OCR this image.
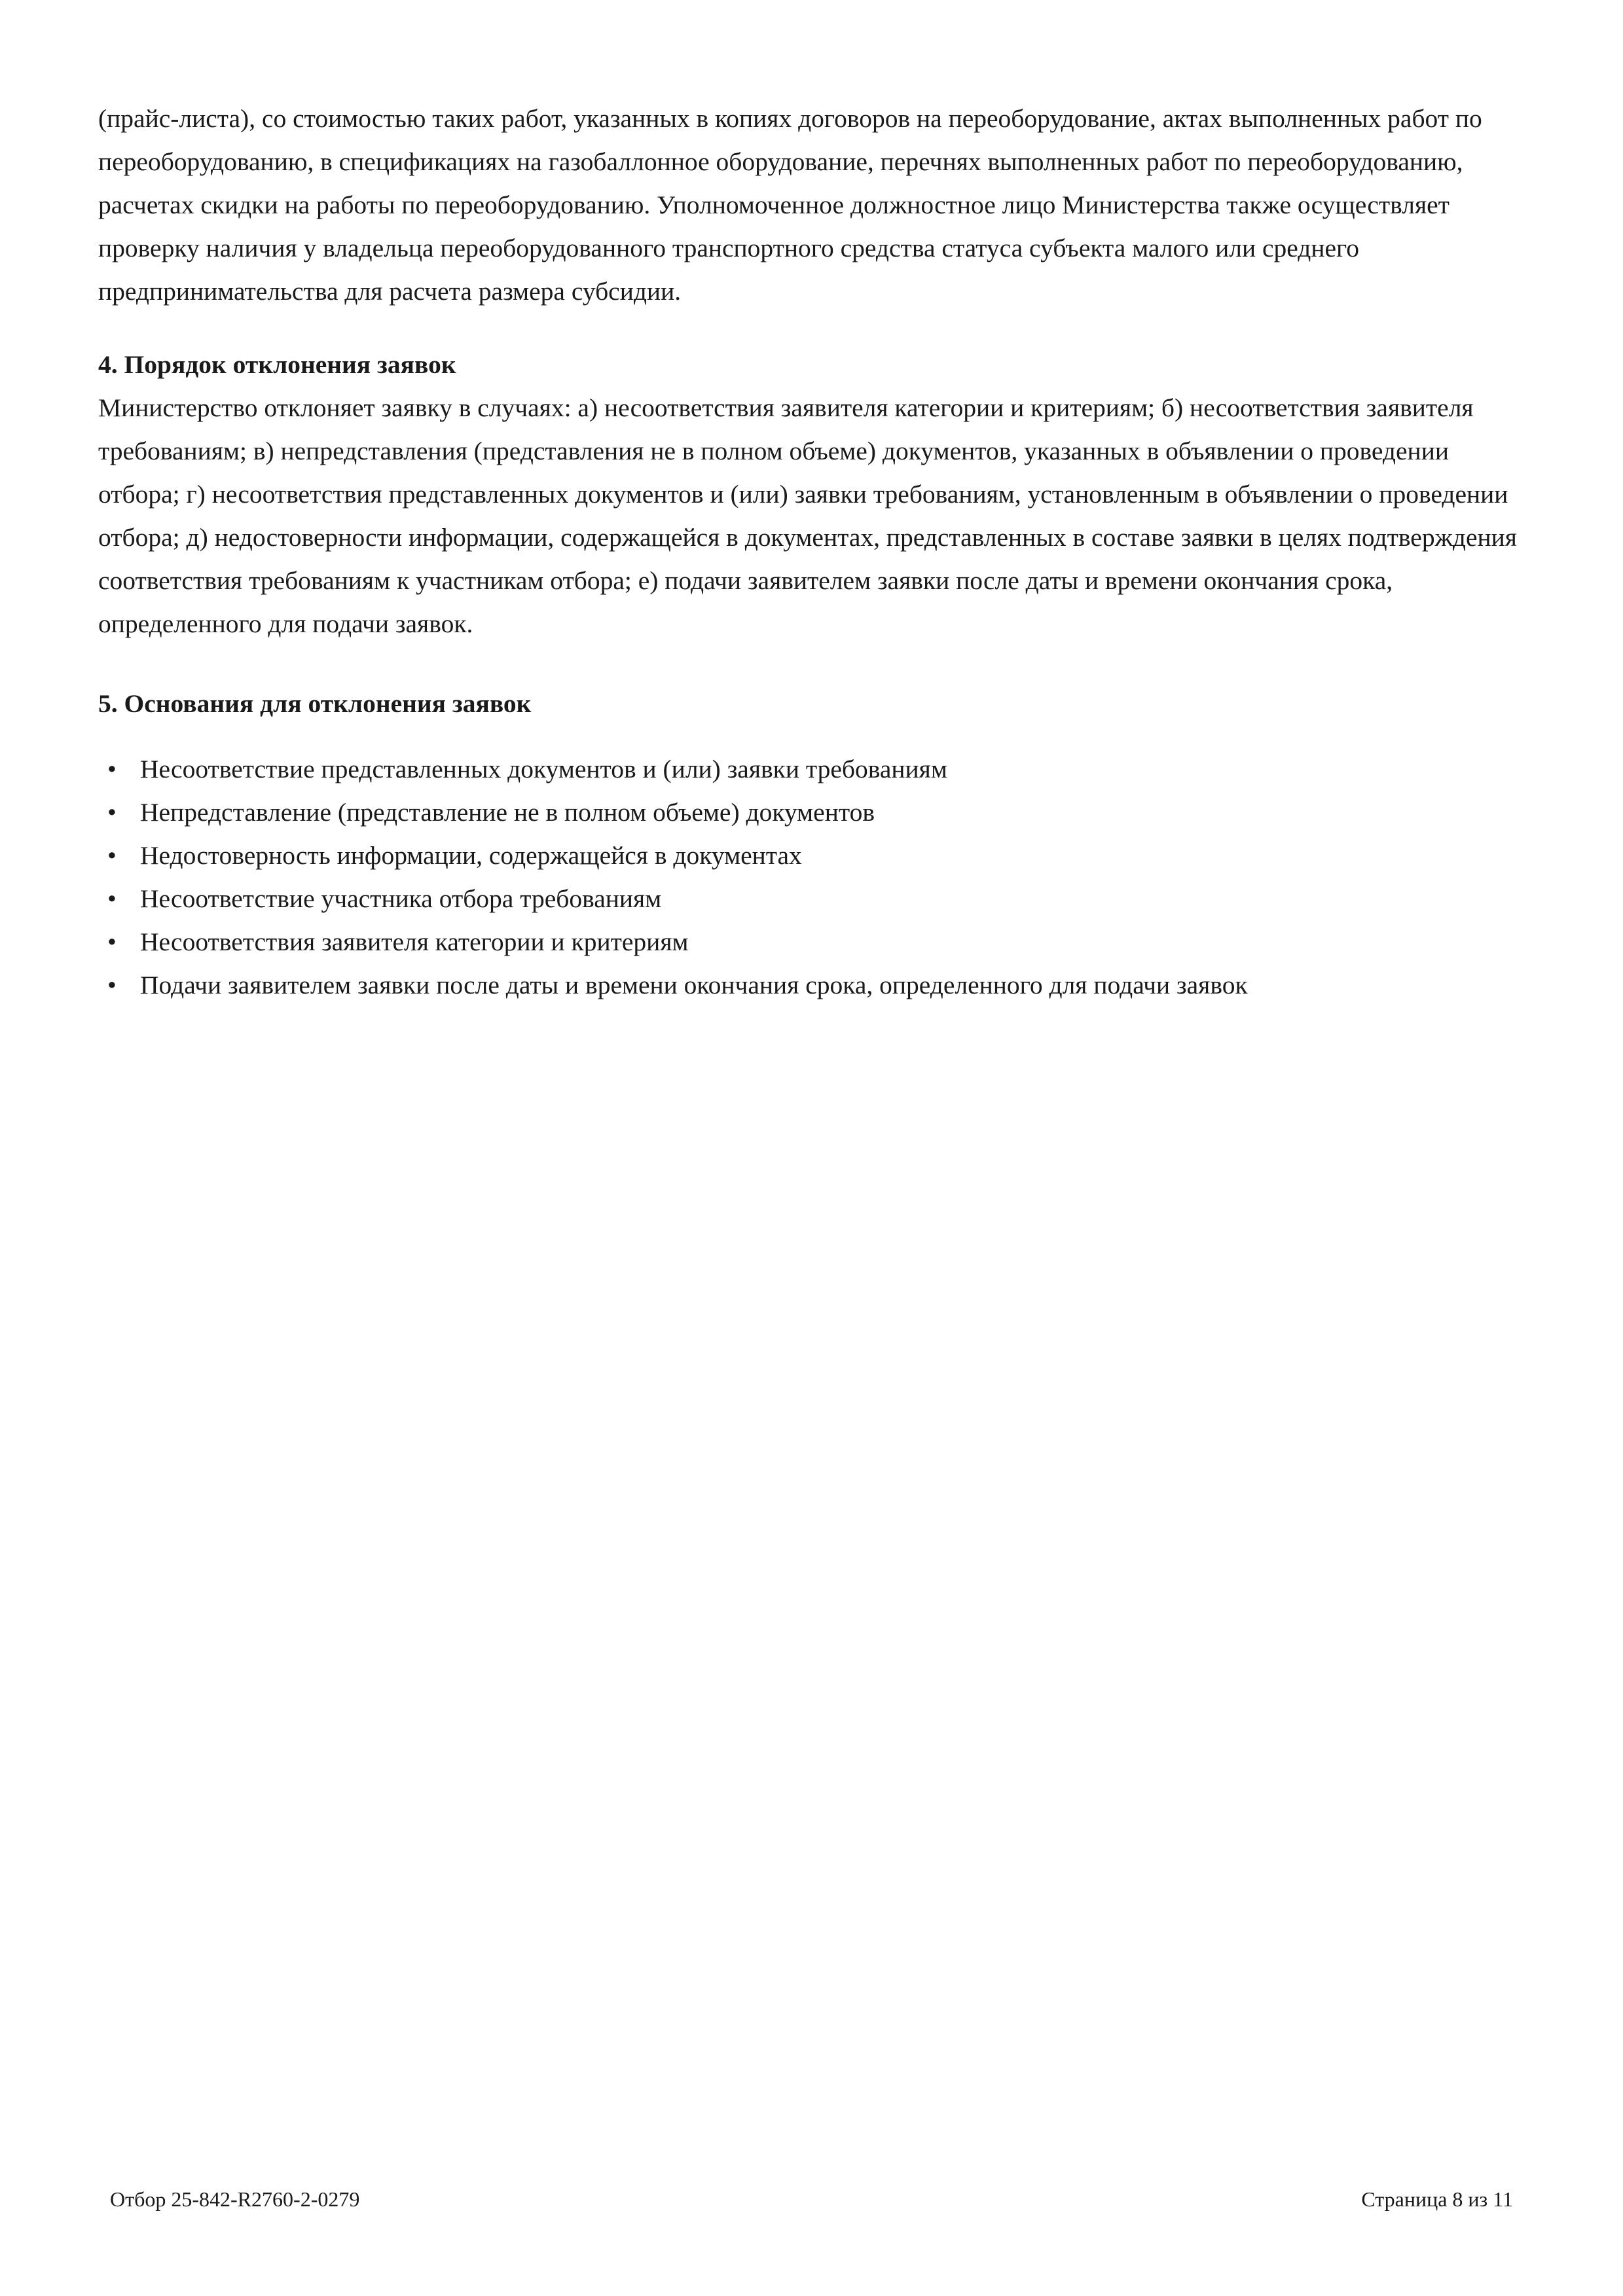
(прайс-листа), со стоимостью таких работ, указанных в копиях договоров на переоборудование, актах выполненных работ по переоборудованию, в спецификациях на газобаллонное оборудование, перечнях выполненных работ по переоборудованию, расчетах скидки на работы по переоборудованию. Уполномоченное должностное лицо Министерства также осуществляет проверку наличия у владельца переоборудованного транспортного средства статуса субъекта малого или среднего предпринимательства для расчета размера субсидии.

4. Порядок отклонения заявок

Министерство отклоняет заявку в случаях: а) несоответствия заявителя категории и критериям; б) несоответствия заявителя требованиям; в) непредставления (представления не в полном объеме) документов, указанных в объявлении о проведении отбора; г) несоответствия представленных документов и (или) заявки требованиям, установленным в объявлении о проведении отбора; д) недостоверности информации, содержащейся в документах, представленных в составе заявки в целях подтверждения соответствия требованиям к участникам отбора; е) подачи заявителем заявки после даты и времени окончания срока, определенного для подачи заявок.

5. Основания для отклонения заявок
• Несоответствие представленных документов и (или) заявки требованиям
• Непредставление (представление не в полном объеме) документов
• Недостоверность информации, содержащейся в документах
• Несоответствие участника отбора требованиям
• Несоответствия заявителя категории и критериям
• Подачи заявителем заявки после даты и времени окончания срока, определенного для подачи заявок
Отбор 25-842-R2760-2-0279	Страница 8 из 11
